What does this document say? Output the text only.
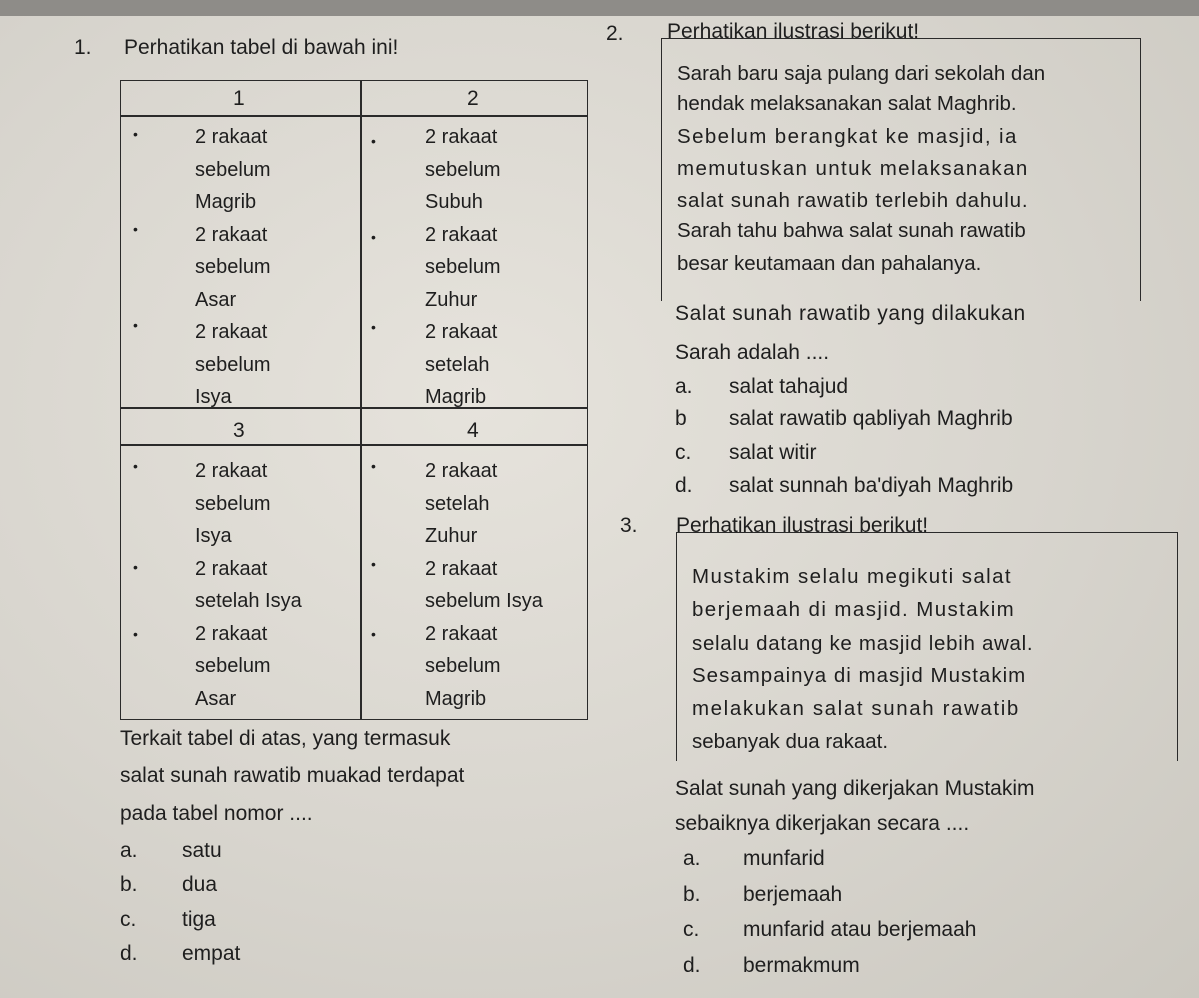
1. Perhatikan tabel di bawah ini!
1	2
3	4
•
•
•
•
•
•
•
•
•
•
•
•
2 rakaat
sebelum
Magrib
2 rakaat
sebelum
Asar
2 rakaat
sebelum
Isya
2 rakaat
sebelum
Subuh
2 rakaat
sebelum
Zuhur
2 rakaat
setelah
Magrib
2 rakaat
sebelum
Isya
2 rakaat
setelah Isya
2 rakaat
sebelum
Asar
2 rakaat
setelah
Zuhur
2 rakaat
sebelum Isya
2 rakaat
sebelum
Magrib
Terkait tabel di atas, yang termasuk
salat sunah rawatib muakad terdapat
pada tabel nomor ....
a. satu
b. dua
c. tiga
d. empat
2. Perhatikan ilustrasi berikut!
Sarah baru saja pulang dari sekolah dan
hendak melaksanakan salat Maghrib.
Sebelum berangkat ke masjid, ia
memutuskan untuk melaksanakan
salat sunah rawatib terlebih dahulu.
Sarah tahu bahwa salat sunah rawatib
besar keutamaan dan pahalanya.
Salat sunah rawatib yang dilakukan
Sarah adalah ....
a. salat tahajud
b salat rawatib qabliyah Maghrib
c. salat witir
d. salat sunnah ba'diyah Maghrib
3. Perhatikan ilustrasi berikut!
Mustakim selalu megikuti salat
berjemaah di masjid. Mustakim
selalu datang ke masjid lebih awal.
Sesampainya di masjid Mustakim
melakukan salat sunah rawatib
sebanyak dua rakaat.
Salat sunah yang dikerjakan Mustakim
sebaiknya dikerjakan secara ....
a. munfarid
b. berjemaah
c. munfarid atau berjemaah
d. bermakmum
